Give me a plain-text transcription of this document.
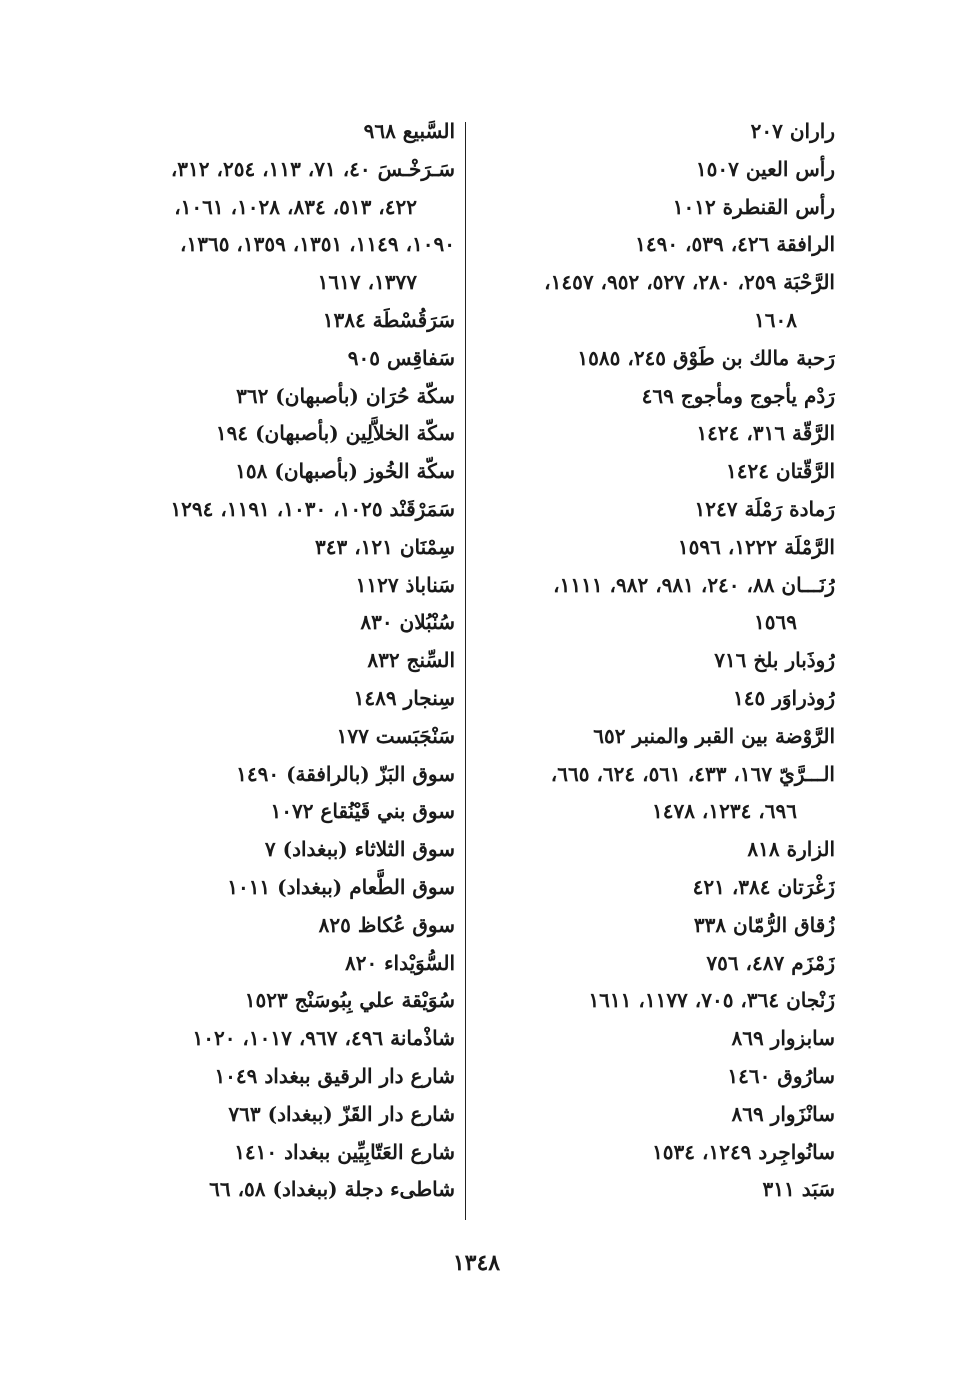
راران ٢٠٧
رأس العين ١٥٠٧
رأس القنطرة ١٠١٢
الرافقة ٤٢٦، ٥٣٩، ١٤٩٠
الرَّحْبَة ٢٥٩، ٢٨٠، ٥٢٧، ٩٥٢، ١٤٥٧،
١٦٠٨
رَحبة مالك بن طَوْق ٢٤٥، ١٥٨٥
رَدْم يأجوج ومأجوج ٤٦٩
الرَّقّة ٣١٦، ١٤٢٤
الرَّقّتان ١٤٢٤
رَمادة رَمْلَة ١٢٤٧
الرَّمْلَة ١٢٢٢، ١٥٩٦
رُنَـــان ٨٨، ٢٤٠، ٩٨١، ٩٨٢، ١١١١،
١٥٦٩
رُوذَبار بلخ ٧١٦
رُوذراوَر ١٤٥
الرَّوْضة بين القبر والمنبر ٦٥٢
الـــرَّيّ ١٦٧، ٤٣٣، ٥٦١، ٦٢٤، ٦٦٥،
٦٩٦، ١٢٣٤، ١٤٧٨
الزارة ٨١٨
زَغْرَتان ٣٨٤، ٤٢١
زُقاق الرُّمّان ٣٣٨
زَمْزَم ٤٨٧، ٧٥٦
زَنْجان ٣٦٤، ٧٠٥، ١١٧٧، ١٦١١
سابزوار ٨٦٩
سارُوق ١٤٦٠
سانْزَوار ٨٦٩
سانُواجِرد ١٢٤٩، ١٥٣٤
سَبَد ٣١١
السَّبيع ٩٦٨
سَـرَخْـسَ ٤٠، ٧١، ١١٣، ٢٥٤، ٣١٢،
٤٢٢، ٥١٣، ٨٣٤، ١٠٢٨، ١٠٦١،
١٠٩٠، ١١٤٩، ١٣٥١، ١٣٥٩، ١٣٦٥،
١٣٧٧، ١٦١٧
سَرَقُسْطَة ١٣٨٤
سَفاقِس ٩٠٥
سكّة حُرَان (بأصبهان) ٣٦٢
سكّة الخلاَّلِين (بأصبهان) ١٩٤
سكّة الخُوز (بأصبهان) ١٥٨
سَمَرْقَنْد ١٠٢٥، ١٠٣٠، ١١٩١، ١٢٩٤
سِمْنَان ١٢١، ٣٤٣
سَناباذ ١١٢٧
سُنْبُلان ٨٣٠
السِّنج ٨٣٢
سِنجار ١٤٨٩
سَنْجَبَست ١٧٧
سوق البَزّ (بالرافقة) ١٤٩٠
سوق بني قَيْنُقاع ١٠٧٢
سوق الثلاثاء (ببغداد) ٧
سوق الطَّعام (ببغداد) ١٠١١
سوق عُكاظ ٨٢٥
السُّوَيْداء ٨٢٠
سُوَيْقة علي بِبُوسَنْج ١٥٢٣
شاذْمانة ٤٩٦، ٩٦٧، ١٠١٧، ١٠٢٠
شارع دار الرقيق ببغداد ١٠٤٩
شارع دار القَزّ (ببغداد) ٧٦٣
شارع العَتّابِيِّين ببغداد ١٤١٠
شاطىء دجلة (ببغداد) ٥٨، ٦٦
١٣٤٨
